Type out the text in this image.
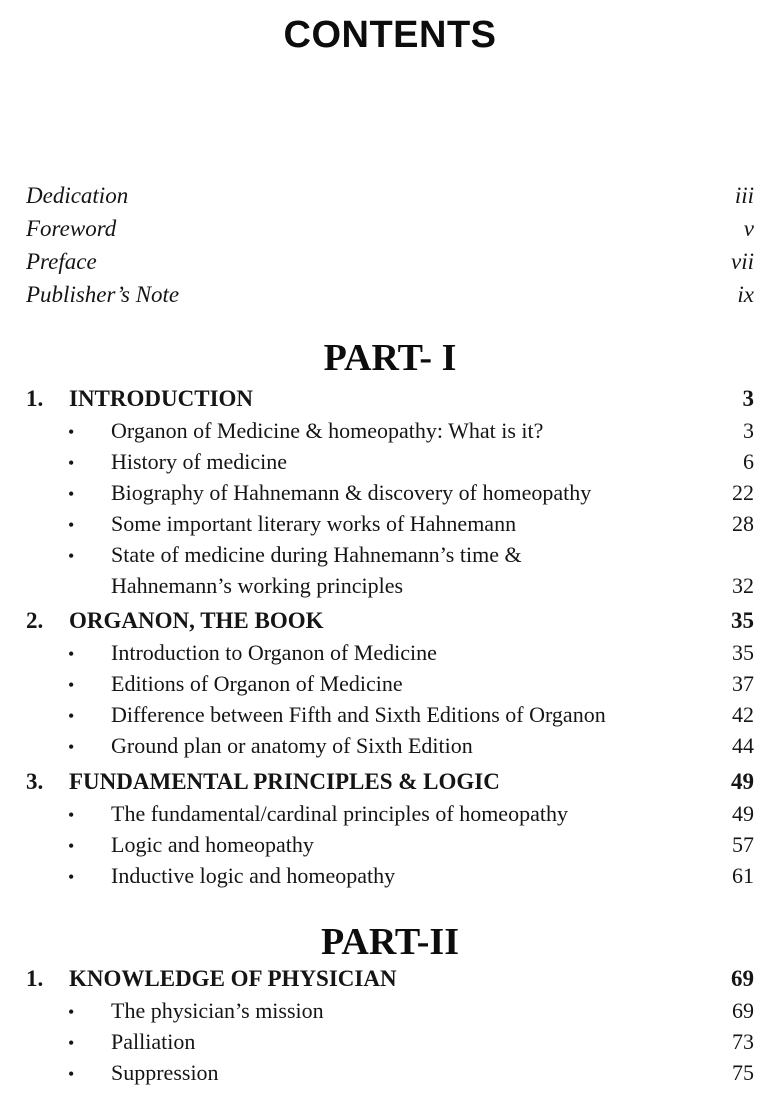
CONTENTS
Dedication	iii
Foreword	v
Preface	vii
Publisher’s Note	ix
PART- I
1.	INTRODUCTION	3
•	Organon of Medicine & homeopathy: What is it?	3
•	History of medicine	6
•	Biography of Hahnemann & discovery of homeopathy	22
•	Some important literary works of Hahnemann	28
•	State of medicine during Hahnemann’s time &
Hahnemann’s working principles	32
2.	ORGANON, THE BOOK	35
•	Introduction to Organon of Medicine	35
•	Editions of Organon of Medicine	37
•	Difference between Fifth and Sixth Editions of Organon	42
•	Ground plan or anatomy of Sixth Edition	44
3.	FUNDAMENTAL PRINCIPLES & LOGIC	49
•	The fundamental/cardinal principles of homeopathy	49
•	Logic and homeopathy	57
•	Inductive logic and homeopathy	61
PART-II
1.	KNOWLEDGE OF PHYSICIAN	69
•	The physician’s mission	69
•	Palliation	73
•	Suppression	75
